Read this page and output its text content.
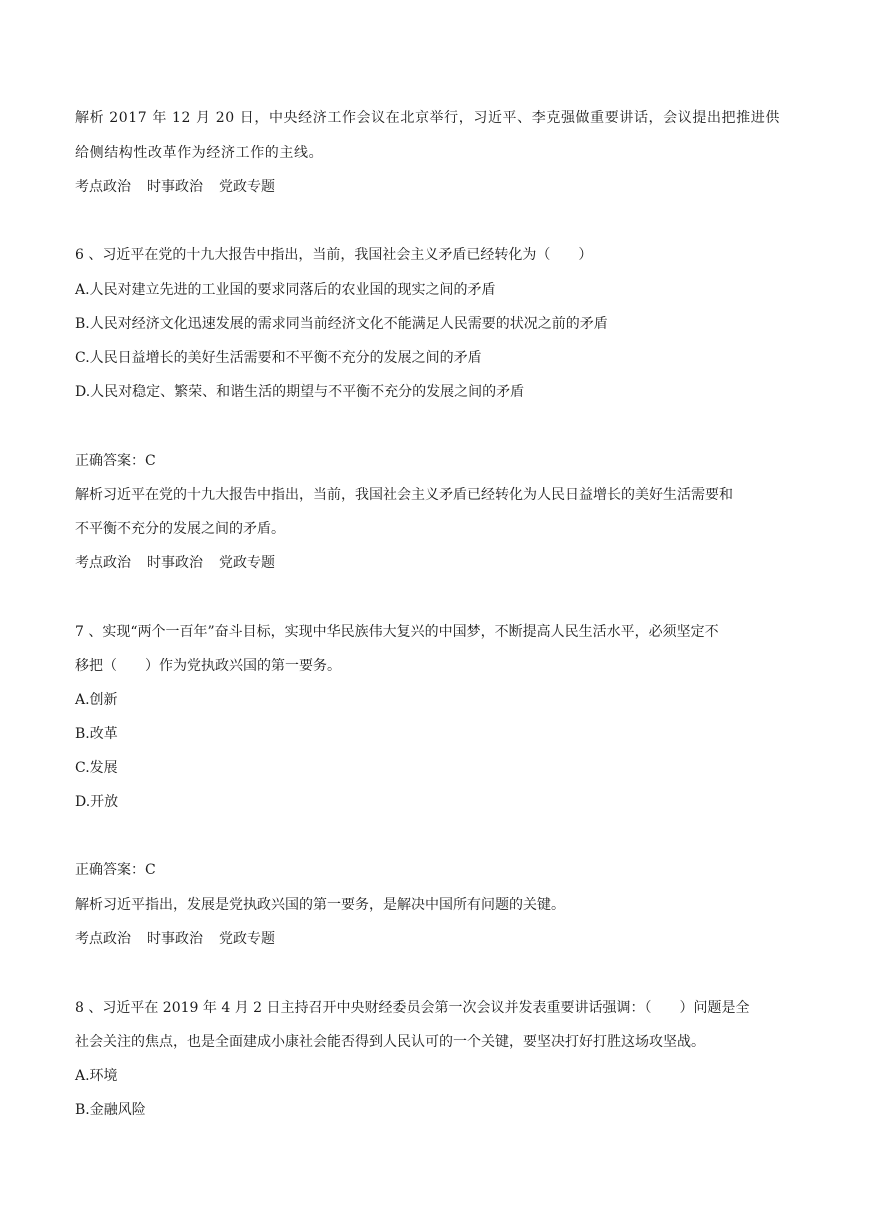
解析 2017 年 12 月 20 日，中央经济工作会议在北京举行，习近平、李克强做重要讲话，会议提出把推进供
给侧结构性改革作为经济工作的主线。
考点政治 时事政治 党政专题
6 、习近平在党的十九大报告中指出，当前，我国社会主义矛盾已经转化为（　　）
A.人民对建立先进的工业国的要求同落后的农业国的现实之间的矛盾
B.人民对经济文化迅速发展的需求同当前经济文化不能满足人民需要的状况之前的矛盾
C.人民日益增长的美好生活需要和不平衡不充分的发展之间的矛盾
D.人民对稳定、繁荣、和谐生活的期望与不平衡不充分的发展之间的矛盾
正确答案：C
解析习近平在党的十九大报告中指出，当前，我国社会主义矛盾已经转化为人民日益增长的美好生活需要和
不平衡不充分的发展之间的矛盾。
考点政治 时事政治 党政专题
7 、实现“两个一百年”奋斗目标，实现中华民族伟大复兴的中国梦，不断提高人民生活水平，必须坚定不
移把（　　）作为党执政兴国的第一要务。
A.创新
B.改革
C.发展
D.开放
正确答案：C
解析习近平指出，发展是党执政兴国的第一要务，是解决中国所有问题的关键。
考点政治 时事政治 党政专题
8 、习近平在 2019 年 4 月 2 日主持召开中央财经委员会第一次会议并发表重要讲话强调：（　　）问题是全
社会关注的焦点，也是全面建成小康社会能否得到人民认可的一个关键，要坚决打好打胜这场攻坚战。
A.环境
B.金融风险
